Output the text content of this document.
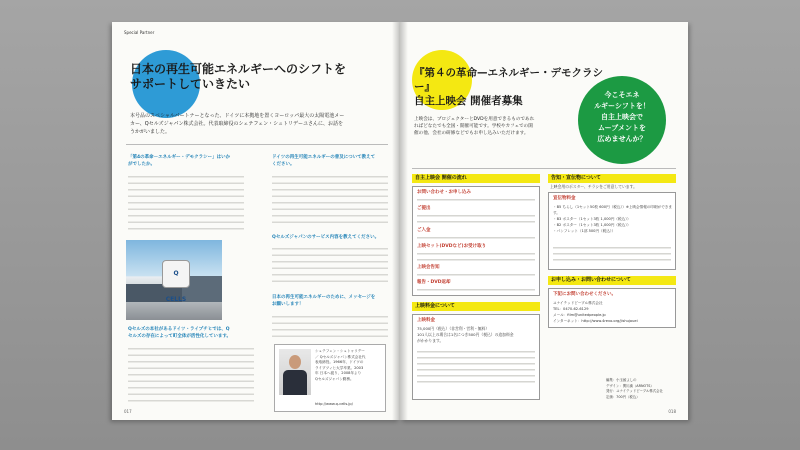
Special Partner
日本の再生可能エネルギーへのシフトを
サポートしていきたい
本号品のスペシャルパートナーとなった、ドイツに本拠地を置くヨーロッパ最大の太陽電池メー
カー、Qセルズジャパン株式会社。代表取締役のシェテフェン・シュトリデーユさんに、お話を
うかがいました。
「第4の革命－エネルギー・デモクラシー」はいか
がでしたか。
ドイツの再生可能エネルギーの普及について教えて
ください。
Qセルズジャパンのサービス内容を教えてください。
日本の再生可能エネルギーのために、メッセージを
お願いします！
Q CELLS
Qセルズの本社があるドイツ・ライプチヒでは、Q
セルズの存在によって町全体が活性化しています。
シュテフェン・シュトゥリデー
／ Qセルズジャパン株式会社代
表取締役。1966年、ドイツの
ライプツィヒ大学卒業。2003
年 日本へ渡り、2008年より
Qセルズジャパン勤務。
http://www.q-cells.jp/
017
『第４の革命—エネルギー・デモクラシー』
自主上映会 開催者募集	今こそエネ
ルギーシフトを！
自主上映会で
ムーブメントを
広めませんか？
上映会は、プロジェクターとDVDを用意できるものであれ
ればどなたでも全国・開催可能です。学校やカフェでの開
催の他、会社の研修などでもお申し込みいただけます。
自主上映会 開催の流れ
お問い合わせ・お申し込み
ご提出
ご入金
上映セット(DVDなど)お受け取り
上映会告知
報告・DVD返却
上映料金について
上映料金
75,000円（税込）（非営利・営利・無料）
101人以上の場合は1名につき500円（税込）の追加料金
がかかります。
告知・宣伝物について
上映会用のポスター、チラシをご用意しています。
宣伝物料金
・B5 ちらし（1セット50枚 600円（税込））※上映会情報の印刷ができます。
・B3 ポスター（1セット3枚 1,000円（税込））
・B2 ポスター（1セット3枚 1,000円（税込））
・パンフレット（1部 500円（税込））
お申し込み・お問い合わせについて
下記にお問い合わせください。
ユナイテッドピープル株式会社
TEL：0470-62-6129
メール：film@unitedpeople.jp
インターネット：http://www.4revo.org/jishujouei
編集：小玉綾よしの
デザイン：関川満（ARNOTS）
発行：ユナイテッドピープル株式会社
定価：700円（税込）
018
